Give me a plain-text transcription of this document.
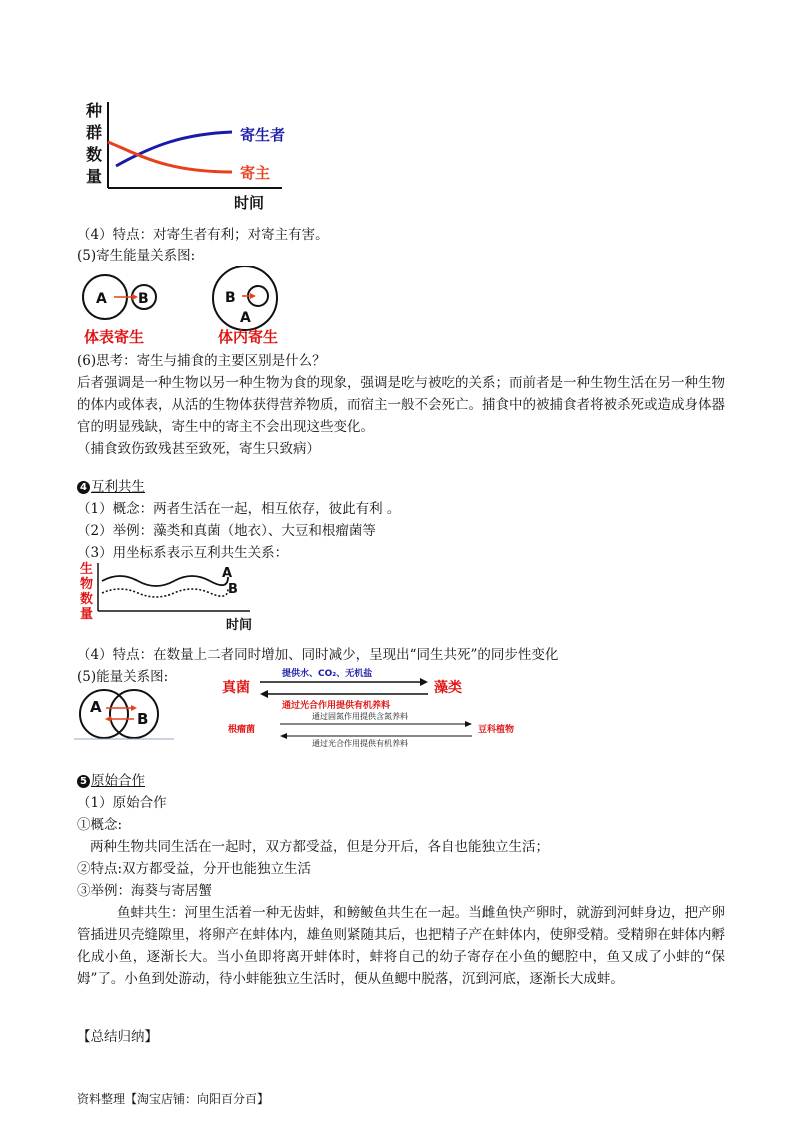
种
群
数
量
寄生者
寄主
时间
（4）特点：对寄生者有利；对寄主有害。
(5)寄生能量关系图:
A B
体表寄生
B
A
体内寄生
(6)思考：寄生与捕食的主要区别是什么？
后者强调是一种生物以另一种生物为食的现象，强调是吃与被吃的关系；而前者是一种生物生活在另一种生物的体内或体表，从活的生物体获得营养物质，而宿主一般不会死亡。捕食中的被捕食者将被杀死或造成身体器官的明显残缺，寄生中的寄主不会出现这些变化。
（捕食致伤致残甚至致死，寄生只致病）
4 互利共生
（1）概念：两者生活在一起，相互依存，彼此有利 。
（2）举例：藻类和真菌（地衣）、大豆和根瘤菌等
（3）用坐标系表示互利共生关系：
生
物
数
量
A
B
时间
（4）特点：在数量上二者同时增加、同时减少，呈现出“同生共死”的同步性变化
(5)能量关系图:
A
B
真菌	藻类
提供水、CO₂、无机盐
通过光合作用提供有机养料
根瘤菌	豆科植物
通过固氮作用提供含氮养料
通过光合作用提供有机养料
5 原始合作
（1）原始合作
①概念:
两种生物共同生活在一起时，双方都受益，但是分开后，各自也能独立生活；
②特点:双方都受益，分开也能独立生活
③举例：海葵与寄居蟹
鱼蚌共生：河里生活着一种无齿蚌，和鳑鲏鱼共生在一起。当雌鱼快产卵时，就游到河蚌身边，把产卵管插进贝壳缝隙里，将卵产在蚌体内，雄鱼则紧随其后，也把精子产在蚌体内，使卵受精。受精卵在蚌体内孵化成小鱼，逐渐长大。当小鱼即将离开蚌体时，蚌将自己的幼子寄存在小鱼的鳃腔中，鱼又成了小蚌的“保姆”了。小鱼到处游动，待小蚌能独立生活时，便从鱼鳃中脱落，沉到河底，逐渐长大成蚌。
【总结归纳】
资料整理【淘宝店铺：向阳百分百】
